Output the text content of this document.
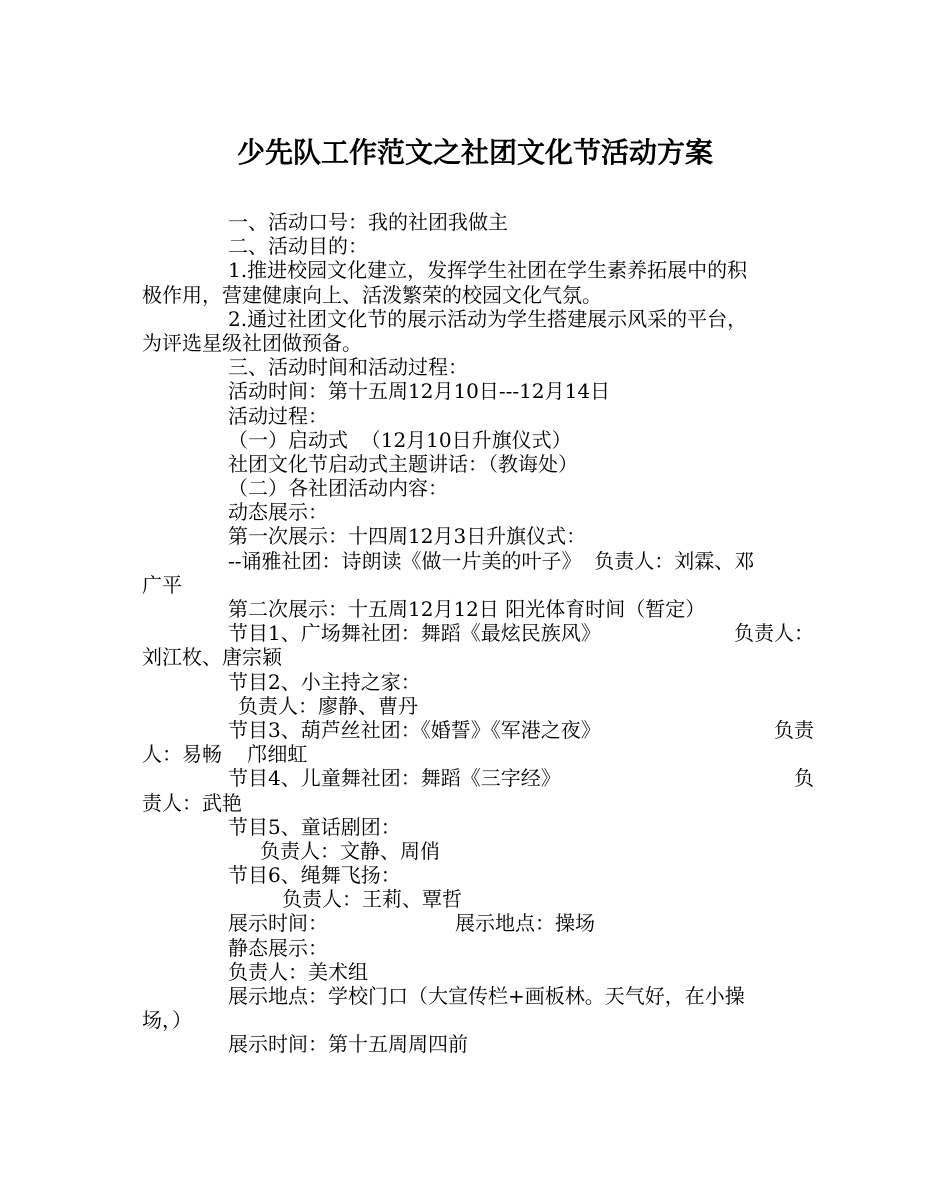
少先队工作范文之社团文化节活动方案
一、活动口号：我的社团我做主
二、活动目的：
1.推进校园文化建立，发挥学生社团在学生素养拓展中的积
极作用，营建健康向上、活泼繁荣的校园文化气氛。
2.通过社团文化节的展示活动为学生搭建展示风采的平台，
为评选星级社团做预备。
三、活动时间和活动过程：
活动时间：第十五周12月10日---12月14日
活动过程：
（一）启动式  （12月10日升旗仪式）
社团文化节启动式主题讲话：（教诲处）
（二）各社团活动内容：
动态展示：
第一次展示：十四周12月3日升旗仪式：
--诵雅社团：诗朗读《做一片美的叶子》  负责人：刘霖、邓
广平
第二次展示：十五周12月12日 阳光体育时间（暂定）
节目1、广场舞社团：舞蹈《最炫民族风》	负责人：
刘江枚、唐宗颖
节目2、小主持之家：
负责人：廖静、曹丹
节目3、葫芦丝社团：《婚誓》《军港之夜》	负责
人：易畅    邝细虹
节目4、儿童舞社团：舞蹈《三字经》	负
责人：武艳
节目5、童话剧团：
负责人：文静、周俏
节目6、绳舞飞扬：
负责人：王莉、覃哲
展示时间：	展示地点：操场
静态展示：
负责人：美术组
展示地点：学校门口（大宣传栏+画板林。天气好，在小操
场，）
展示时间：第十五周周四前
